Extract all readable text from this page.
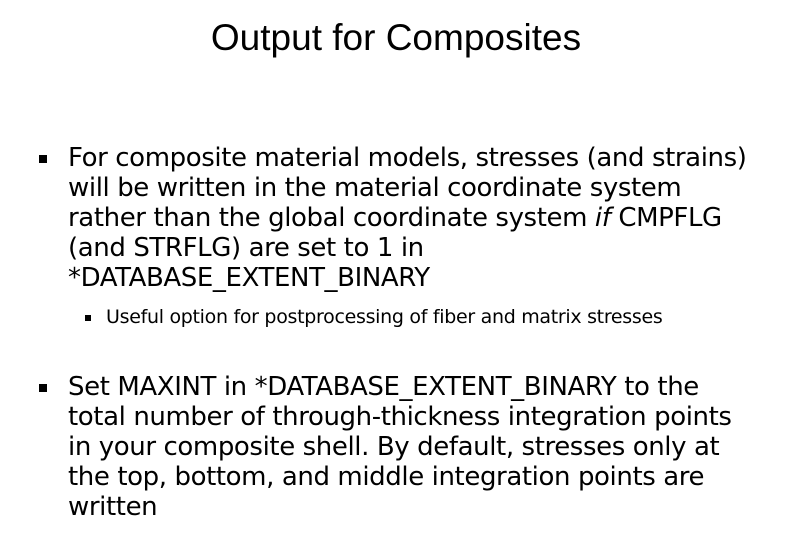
Output for Composites
For composite material models, stresses (and strains)
will be written in the material coordinate system
rather than the global coordinate system if CMPFLG
(and STRFLG) are set to 1 in
*DATABASE_EXTENT_BINARY
Useful option for postprocessing of fiber and matrix stresses
Set MAXINT in *DATABASE_EXTENT_BINARY to the
total number of through-thickness integration points
in your composite shell. By default, stresses only at
the top, bottom, and middle integration points are
written
